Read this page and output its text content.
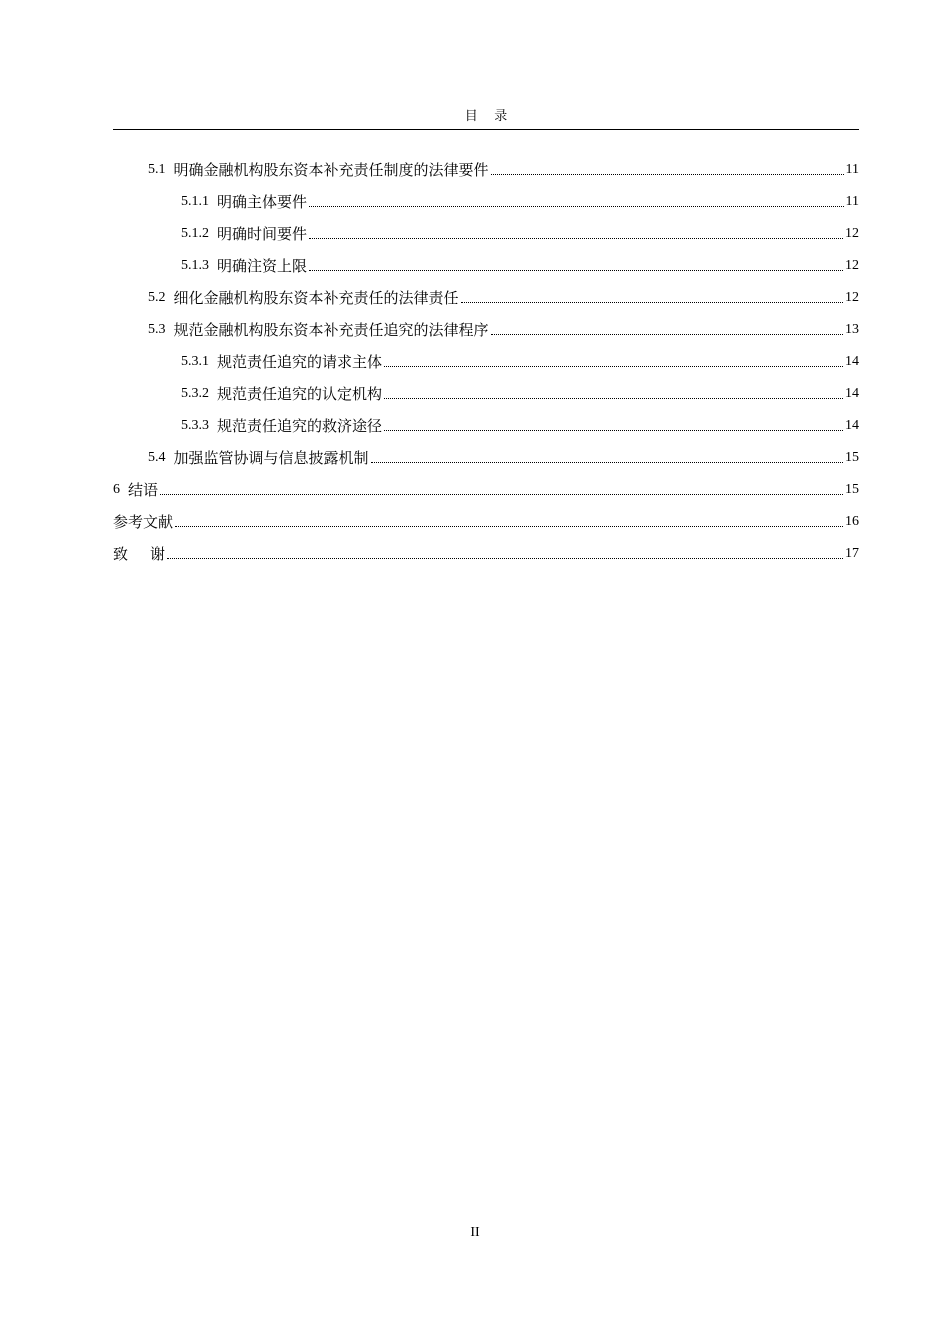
目    录
5.1 明确金融机构股东资本补充责任制度的法律要件	11
5.1.1 明确主体要件	11
5.1.2 明确时间要件	12
5.1.3 明确注资上限	12
5.2 细化金融机构股东资本补充责任的法律责任	12
5.3 规范金融机构股东资本补充责任追究的法律程序	13
5.3.1 规范责任追究的请求主体	14
5.3.2 规范责任追究的认定机构	14
5.3.3 规范责任追究的救济途径	14
5.4 加强监管协调与信息披露机制	15
6 结语	15
参考文献	16
致谢	17
II
